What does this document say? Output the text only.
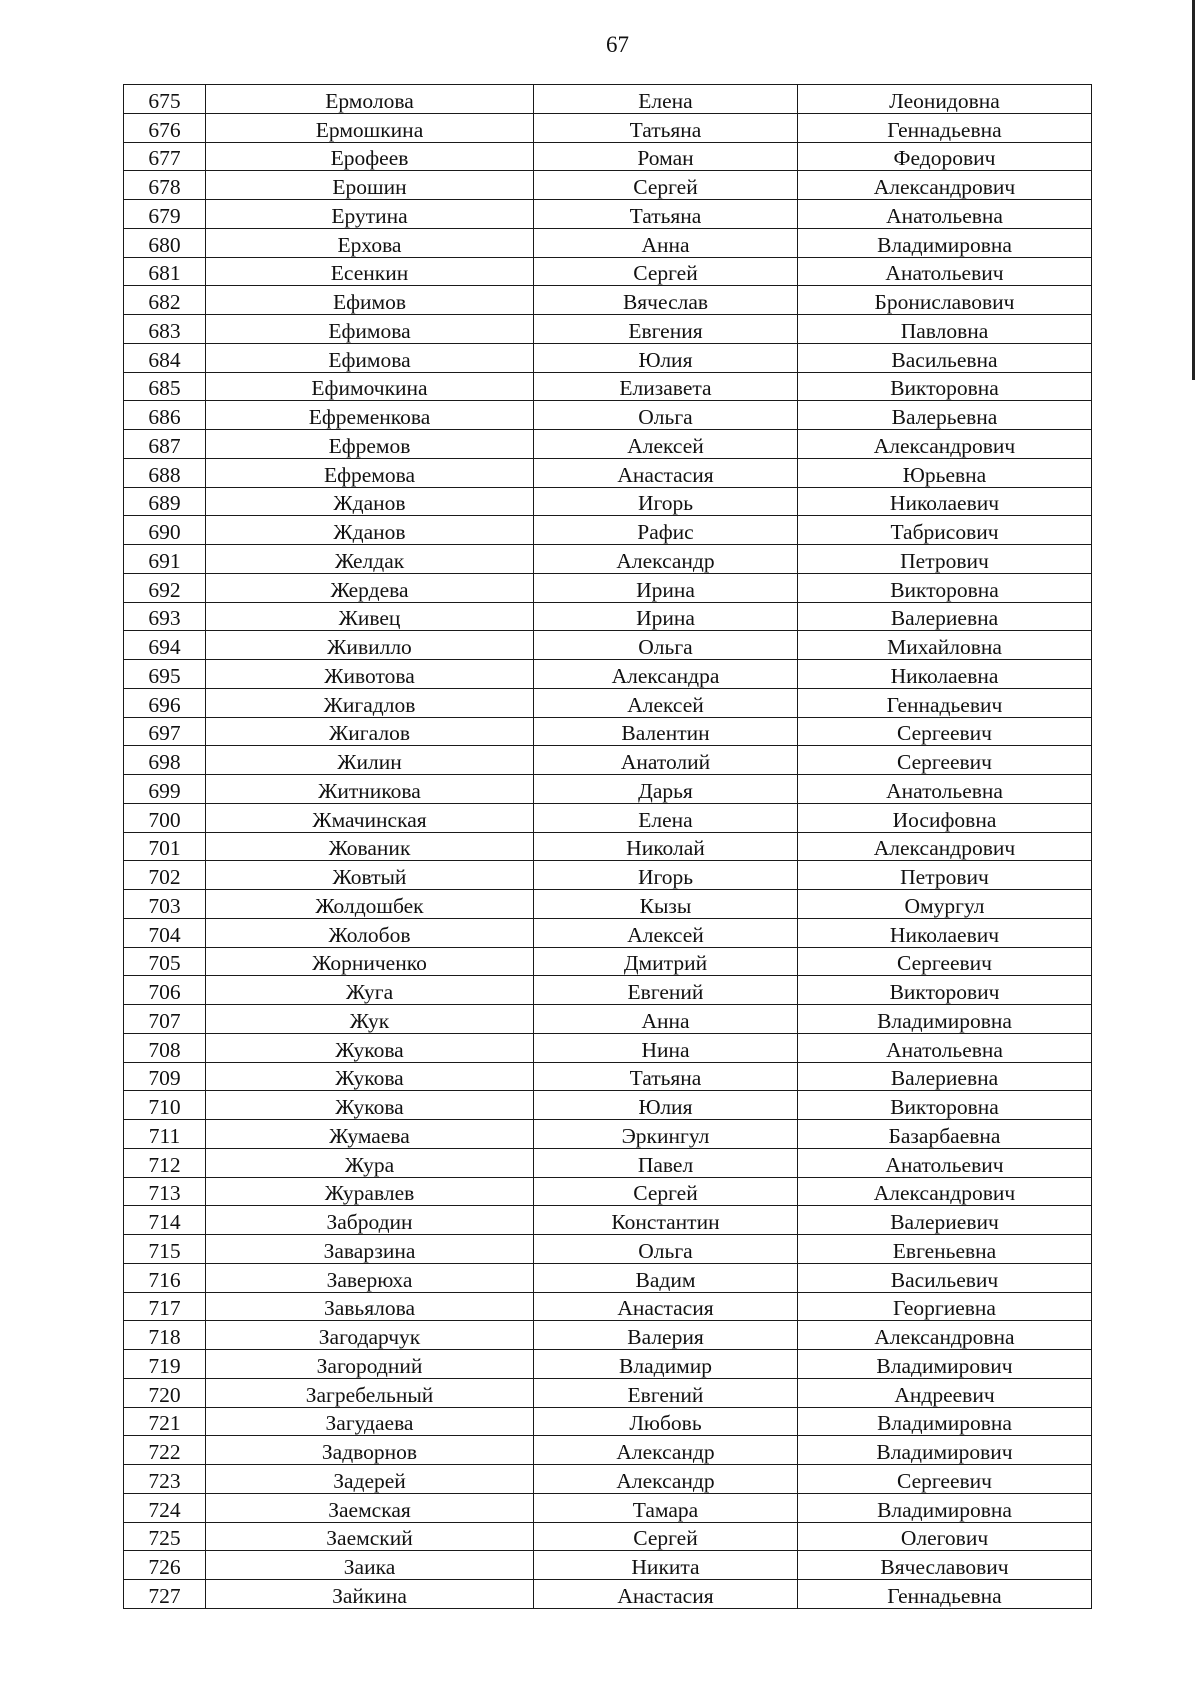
67
675	Ермолова	Елена	Леонидовна
676	Ермошкина	Татьяна	Геннадьевна
677	Ерофеев	Роман	Федорович
678	Ерошин	Сергей	Александрович
679	Ерутина	Татьяна	Анатольевна
680	Ерхова	Анна	Владимировна
681	Есенкин	Сергей	Анатольевич
682	Ефимов	Вячеслав	Брониславович
683	Ефимова	Евгения	Павловна
684	Ефимова	Юлия	Васильевна
685	Ефимочкина	Елизавета	Викторовна
686	Ефременкова	Ольга	Валерьевна
687	Ефремов	Алексей	Александрович
688	Ефремова	Анастасия	Юрьевна
689	Жданов	Игорь	Николаевич
690	Жданов	Рафис	Табрисович
691	Желдак	Александр	Петрович
692	Жердева	Ирина	Викторовна
693	Живец	Ирина	Валериевна
694	Живилло	Ольга	Михайловна
695	Животова	Александра	Николаевна
696	Жигадлов	Алексей	Геннадьевич
697	Жигалов	Валентин	Сергеевич
698	Жилин	Анатолий	Сергеевич
699	Житникова	Дарья	Анатольевна
700	Жмачинская	Елена	Иосифовна
701	Жованик	Николай	Александрович
702	Жовтый	Игорь	Петрович
703	Жолдошбек	Кызы	Омургул
704	Жолобов	Алексей	Николаевич
705	Жорниченко	Дмитрий	Сергеевич
706	Жуга	Евгений	Викторович
707	Жук	Анна	Владимировна
708	Жукова	Нина	Анатольевна
709	Жукова	Татьяна	Валериевна
710	Жукова	Юлия	Викторовна
711	Жумаева	Эркингул	Базарбаевна
712	Жура	Павел	Анатольевич
713	Журавлев	Сергей	Александрович
714	Забродин	Константин	Валериевич
715	Заварзина	Ольга	Евгеньевна
716	Заверюха	Вадим	Васильевич
717	Завьялова	Анастасия	Георгиевна
718	Загодарчук	Валерия	Александровна
719	Загородний	Владимир	Владимирович
720	Загребельный	Евгений	Андреевич
721	Загудаева	Любовь	Владимировна
722	Задворнов	Александр	Владимирович
723	Задерей	Александр	Сергеевич
724	Заемская	Тамара	Владимировна
725	Заемский	Сергей	Олегович
726	Заика	Никита	Вячеславович
727	Зайкина	Анастасия	Геннадьевна
